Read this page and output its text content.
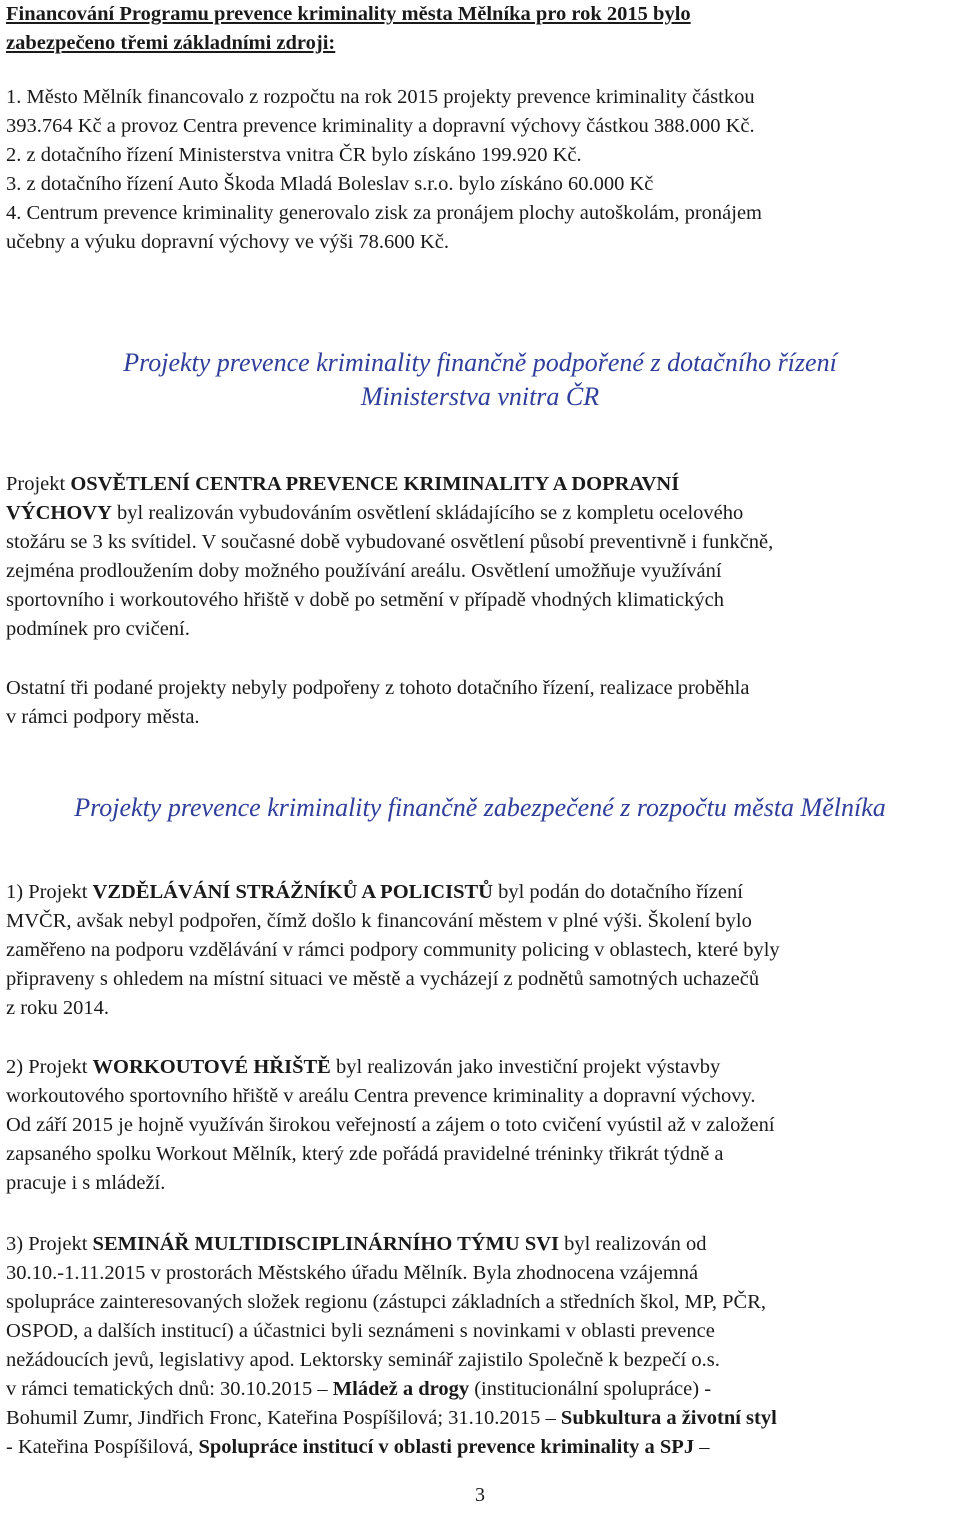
Financování Programu prevence kriminality města Mělníka pro rok 2015 bylo
zabezpečeno třemi základními zdroji:
1. Město Mělník financovalo z rozpočtu na rok 2015 projekty prevence kriminality částkou
393.764 Kč a provoz Centra prevence kriminality a dopravní výchovy částkou 388.000 Kč.
2. z dotačního řízení Ministerstva vnitra ČR bylo získáno 199.920 Kč.
3. z dotačního řízení Auto Škoda Mladá Boleslav s.r.o. bylo získáno 60.000 Kč
4. Centrum prevence kriminality generovalo zisk za pronájem plochy autoškolám, pronájem
učebny a výuku dopravní výchovy ve výši 78.600 Kč.
Projekty prevence kriminality finančně podpořené z dotačního řízení
Ministerstva vnitra ČR
Projekt OSVĚTLENÍ CENTRA PREVENCE KRIMINALITY A DOPRAVNÍ
VÝCHOVY byl realizován vybudováním osvětlení skládajícího se z kompletu ocelového
stožáru se 3 ks svítidel. V současné době vybudované osvětlení působí preventivně i funkčně,
zejména prodloužením doby možného používání areálu. Osvětlení umožňuje využívání
sportovního i workoutového hřiště v době po setmění v případě vhodných klimatických
podmínek pro cvičení.
Ostatní tři podané projekty nebyly podpořeny z tohoto dotačního řízení, realizace proběhla
v rámci podpory města.
Projekty prevence kriminality finančně zabezpečené z rozpočtu města Mělníka
1) Projekt VZDĚLÁVÁNÍ STRÁŽNÍKŮ A POLICISTŮ byl podán do dotačního řízení
MVČR, avšak nebyl podpořen, čímž došlo k financování městem v plné výši. Školení bylo
zaměřeno na podporu vzdělávání v rámci podpory community policing v oblastech, které byly
připraveny s ohledem na místní situaci ve městě a vycházejí z podnětů samotných uchazečů
z roku 2014.
2) Projekt WORKOUTOVÉ HŘIŠTĚ byl realizován jako investiční projekt výstavby
workoutového sportovního hřiště v areálu Centra prevence kriminality a dopravní výchovy.
Od září 2015 je hojně využíván širokou veřejností a zájem o toto cvičení vyústil až v založení
zapsaného spolku Workout Mělník, který zde pořádá pravidelné tréninky třikrát týdně a
pracuje i s mládeží.
3) Projekt SEMINÁŘ MULTIDISCIPLINÁRNÍHO TÝMU SVI byl realizován od
30.10.-1.11.2015 v prostorách Městského úřadu Mělník. Byla zhodnocena vzájemná
spolupráce zainteresovaných složek regionu (zástupci základních a středních škol, MP, PČR,
OSPOD, a dalších institucí) a účastnici byli seznámeni s novinkami v oblasti prevence
nežádoucích jevů, legislativy apod. Lektorsky seminář zajistilo Společně k bezpečí o.s.
v rámci tematických dnů: 30.10.2015 – Mládež a drogy (institucionální spolupráce) -
Bohumil Zumr, Jindřich Fronc, Kateřina Pospíšilová; 31.10.2015 – Subkultura a životní styl
- Kateřina Pospíšilová, Spolupráce institucí v oblasti prevence kriminality a SPJ –
3
